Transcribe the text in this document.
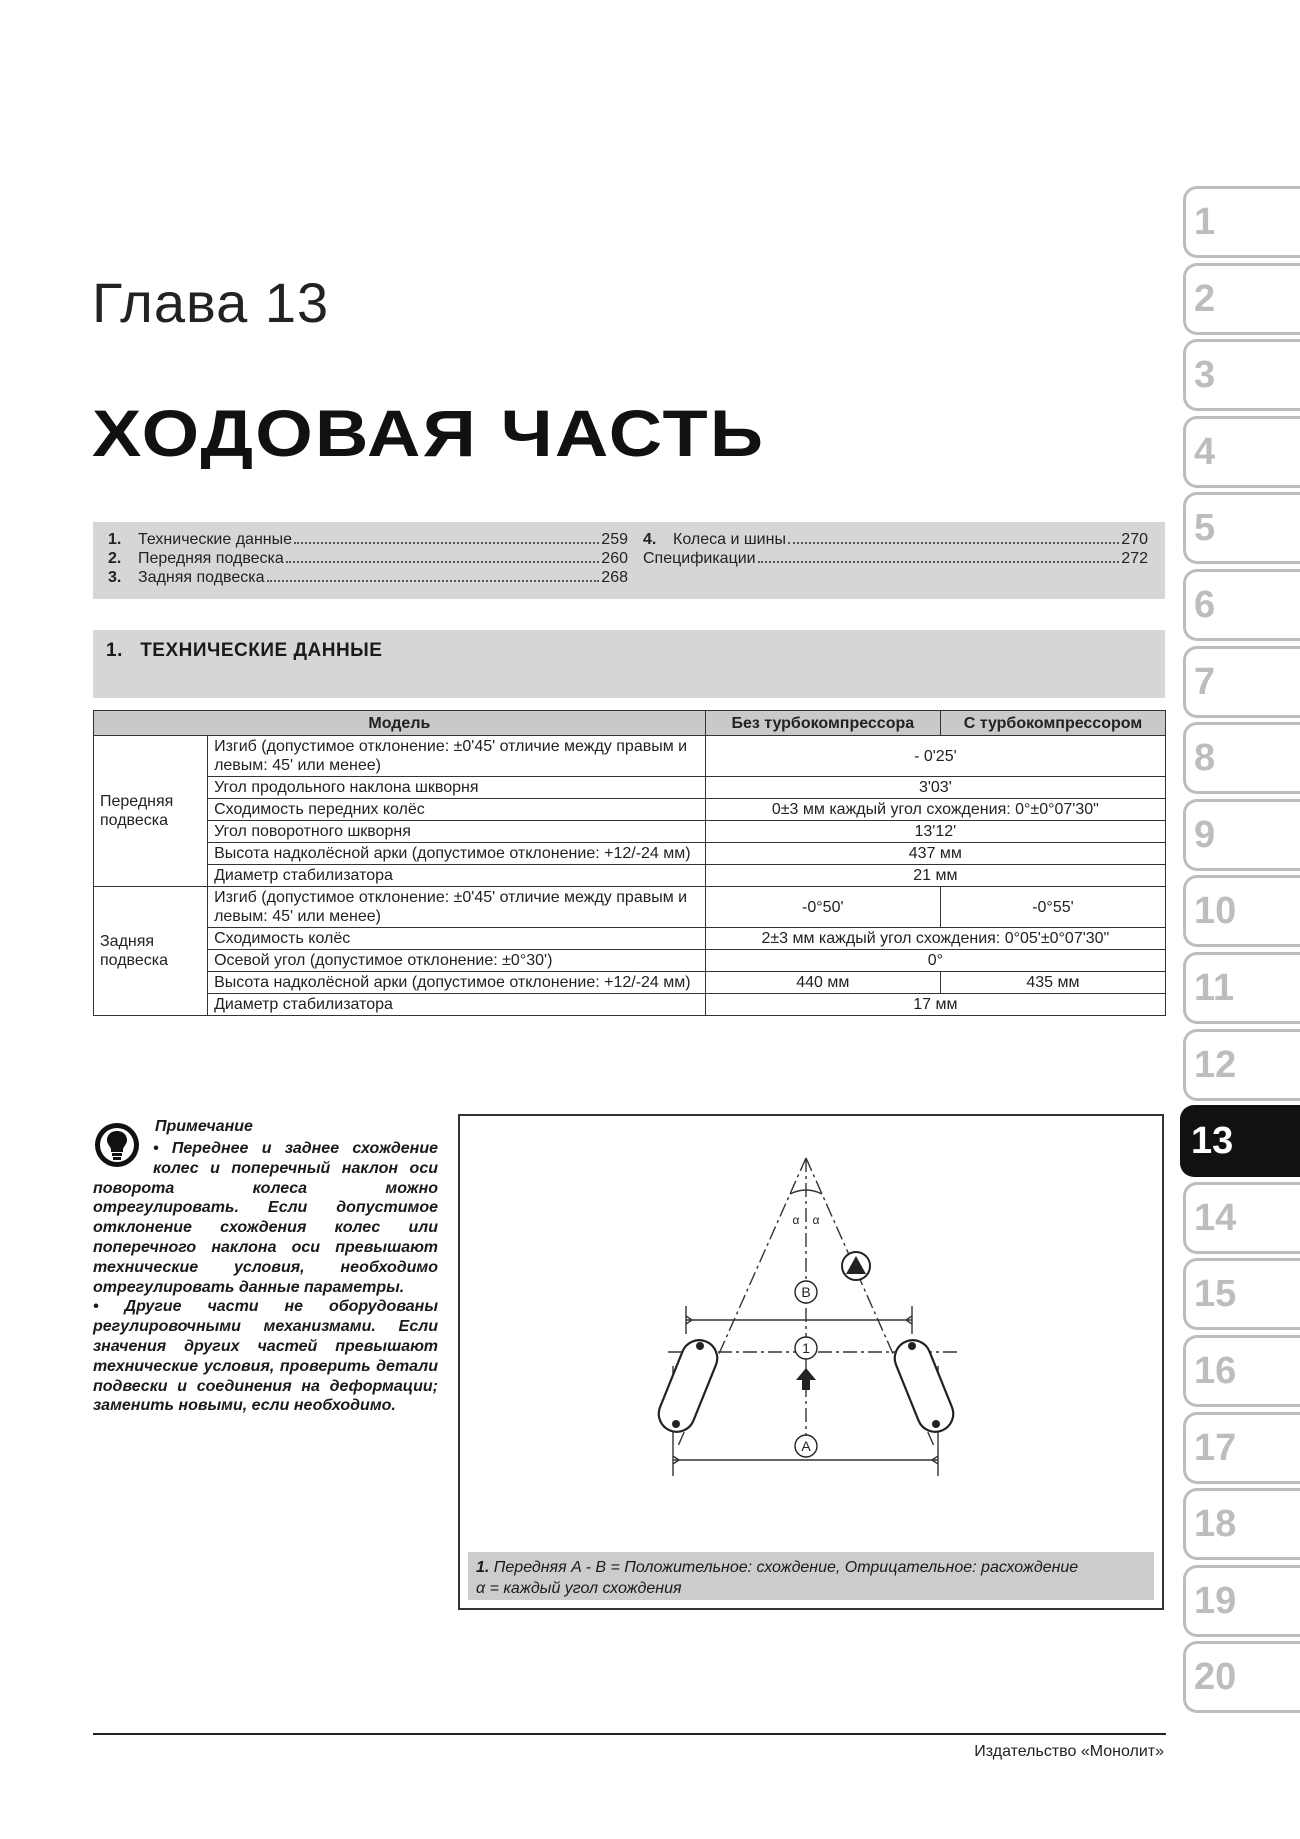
Глава 13
ХОДОВАЯ ЧАСТЬ
1.	Технические данные	259
2.	Передняя подвеска	260
3.	Задняя подвеска	268
4.	Колеса и шины	270
Спецификации	272
1. ТЕХНИЧЕСКИЕ ДАННЫЕ
Модель		Без турбокомпрессора	С турбокомпрессором
Передняя подвеска	Изгиб (допустимое отклонение: ±0'45' отличие между правым и левым: 45' или менее)	- 0'25'	
	Угол продольного наклона шкворня	3'03'	
	Сходимость передних колёс	0±3 мм каждый угол схождения: 0°±0°07'30"	
	Угол поворотного шкворня	13'12'	
	Высота надколёсной арки (допустимое отклонение: +12/-24 мм)	437 мм	
	Диаметр стабилизатора	21 мм	
Задняя подвеска	Изгиб (допустимое отклонение: ±0'45' отличие между правым и левым: 45' или менее)	-0°50'	-0°55'
	Сходимость колёс	2±3 мм каждый угол схождения: 0°05'±0°07'30"	
	Осевой угол (допустимое отклонение: ±0°30')	0°	
	Высота надколёсной арки (допустимое отклонение: +12/-24 мм)	440 мм	435 мм
	Диаметр стабилизатора	17 мм	
Примечание

• Переднее и заднее схождение колес и поперечный наклон оси поворота колеса можно отрегулировать. Если допустимое отклонение схождения колес или поперечного наклона оси превышают технические условия, необходимо отрегулировать данные параметры.

• Другие части не оборудованы регулировочными механизмами. Если значения других частей превышают технические условия, проверить детали подвески и соединения на деформации; заменить новыми, если необходимо.

B
1
A
α α
1. Передняя A - B = Положительное: схождение, Отрицательное: расхождение
α = каждый угол схождения
Издательство «Монолит»
1
2
3
4
5
6
7
8
9
10
11
12
13
14
15
16
17
18
19
20
